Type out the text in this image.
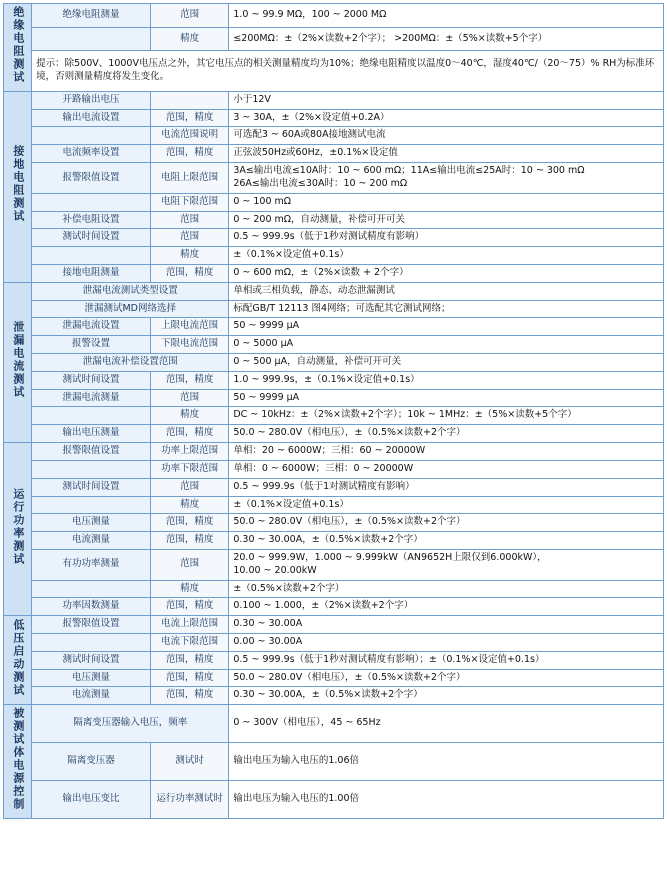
绝缘电阻测试	绝缘电阻测量	范围	1.0 ~ 99.9 MΩ，100 ~ 2000 MΩ
		精度	≤200MΩ：±（2%×读数+2个字）； >200MΩ：±（5%×读数+5个字）
	提示：除500V、1000V电压点之外，其它电压点的相关测量精度均为10%；绝缘电阻精度以温度0～40℃，湿度40℃/（20～75）% RH为标准环境，否则测量精度将发生变化。		
接地电阻测试	开路输出电压		小于12V
	输出电流设置	范围，精度	3 ~ 30A，±（2%×设定值+0.2A）
		电流范围说明	可选配3 ~ 60A或80A接地测试电流
	电流频率设置	范围，精度	正弦波50Hz或60Hz，±0.1%×设定值
	报警限值设置	电阻上限范围	3A≤输出电流≤10A时：10 ~ 600 mΩ；11A≤输出电流≤25A时：10 ~ 300 mΩ
26A≤输出电流≤30A时：10 ~ 200 mΩ
		电阻下限范围	0 ~ 100 mΩ
	补偿电阻设置	范围	0 ~ 200 mΩ，自动测量，补偿可开可关
	测试时间设置	范围	0.5 ~ 999.9s（低于1秒对测试精度有影响）
		精度	±（0.1%×设定值+0.1s）
	接地电阻测量	范围，精度	0 ~ 600 mΩ，±（2%×读数 + 2个字）
泄漏电流测试	泄漏电流测试类型设置		单相或三相负载，静态、动态泄漏测试
	泄漏测试MD网络选择		标配GB/T 12113 图4网络；可选配其它测试网络；
	泄漏电流设置	上限电流范围	50 ~ 9999 μA
	报警设置	下限电流范围	0 ~ 5000 μA
	泄漏电流补偿设置范围		0 ~ 500 μA，自动测量，补偿可开可关
	测试时间设置	范围，精度	1.0 ~ 999.9s，±（0.1%×设定值+0.1s）
	泄漏电流测量	范围	50 ~ 9999 μA
		精度	DC ~ 10kHz：±（2%×读数+2个字）；10k ~ 1MHz：±（5%×读数+5个字）
	输出电压测量	范围，精度	50.0 ~ 280.0V（相电压），±（0.5%×读数+2个字）
运行功率测试	报警限值设置	功率上限范围	单相：20 ~ 6000W；三相：60 ~ 20000W
		功率下限范围	单相：0 ~ 6000W；三相：0 ~ 20000W
	测试时间设置	范围	0.5 ~ 999.9s（低于1对测试精度有影响）
		精度	±（0.1%×设定值+0.1s）
	电压测量	范围，精度	50.0 ~ 280.0V（相电压），±（0.5%×读数+2个字）
	电流测量	范围，精度	0.30 ~ 30.00A，±（0.5%×读数+2个字）
	有功功率测量	范围	20.0 ~ 999.9W，1.000 ~ 9.999kW（AN9652H上限仅到6.000kW），
10.00 ~ 20.00kW
		精度	±（0.5%×读数+2个字）
	功率因数测量	范围，精度	0.100 ~ 1.000，±（2%×读数+2个字）
低压启动测试	报警限值设置	电流上限范围	0.30 ~ 30.00A
		电流下限范围	0.00 ~ 30.00A
	测试时间设置	范围，精度	0.5 ~ 999.9s（低于1秒对测试精度有影响）；±（0.1%×设定值+0.1s）
	电压测量	范围，精度	50.0 ~ 280.0V（相电压），±（0.5%×读数+2个字）
	电流测量	范围，精度	0.30 ~ 30.00A，±（0.5%×读数+2个字）
被测试体电源控制	隔离变压器输入电压，频率		0 ~ 300V（相电压），45 ~ 65Hz
	隔离变压器	测试时	输出电压为输入电压的1.06倍
	输出电压变比	运行功率测试时	输出电压为输入电压的1.00倍
